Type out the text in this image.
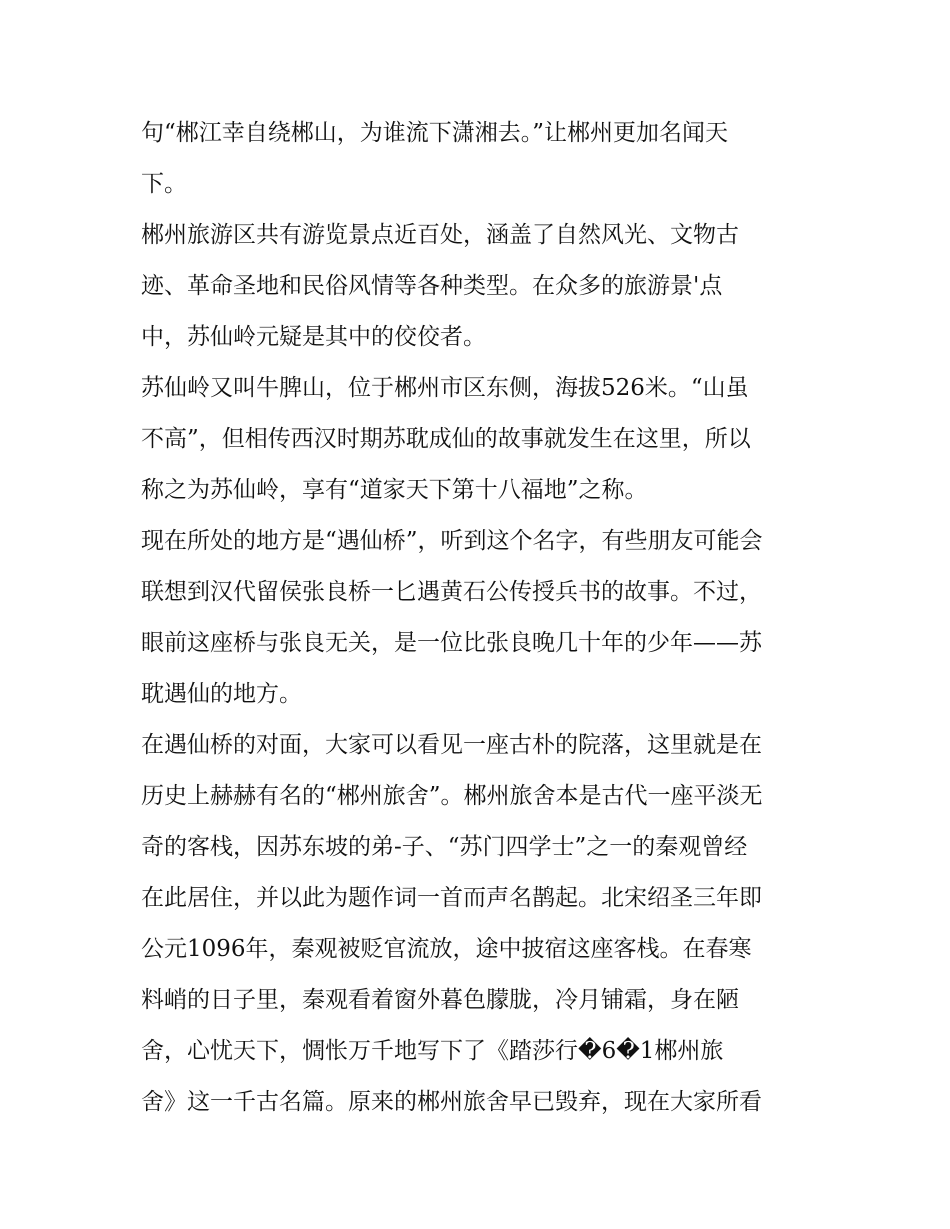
句“郴江幸自绕郴山，为谁流下潇湘去。”让郴州更加名闻天
下。
郴州旅游区共有游览景点近百处，涵盖了自然风光、文物古
迹、革命圣地和民俗风情等各种类型。在众多的旅游景'点
中，苏仙岭元疑是其中的佼佼者。
苏仙岭又叫牛脾山，位于郴州市区东侧，海拔526米。“山虽
不高”，但相传西汉时期苏耽成仙的故事就发生在这里，所以
称之为苏仙岭，享有“道家天下第十八福地”之称。
现在所处的地方是“遇仙桥”，听到这个名字，有些朋友可能会
联想到汉代留侯张良桥一匕遇黄石公传授兵书的故事。不过，
眼前这座桥与张良无关，是一位比张良晚几十年的少年——苏
耽遇仙的地方。
在遇仙桥的对面，大家可以看见一座古朴的院落，这里就是在
历史上赫赫有名的“郴州旅舍”。郴州旅舍本是古代一座平淡无
奇的客栈，因苏东坡的弟-子、“苏门四学士”之一的秦观曾经
在此居住，并以此为题作词一首而声名鹊起。北宋绍圣三年即
公元1096年，秦观被贬官流放，途中披宿这座客栈。在春寒
料峭的日子里，秦观看着窗外暮色朦胧，冷月铺霜，身在陋
舍，心忧天下，惆怅万千地写下了《踏莎行�6�1郴州旅
舍》这一千古名篇。原来的郴州旅舍早已毁弃，现在大家所看
